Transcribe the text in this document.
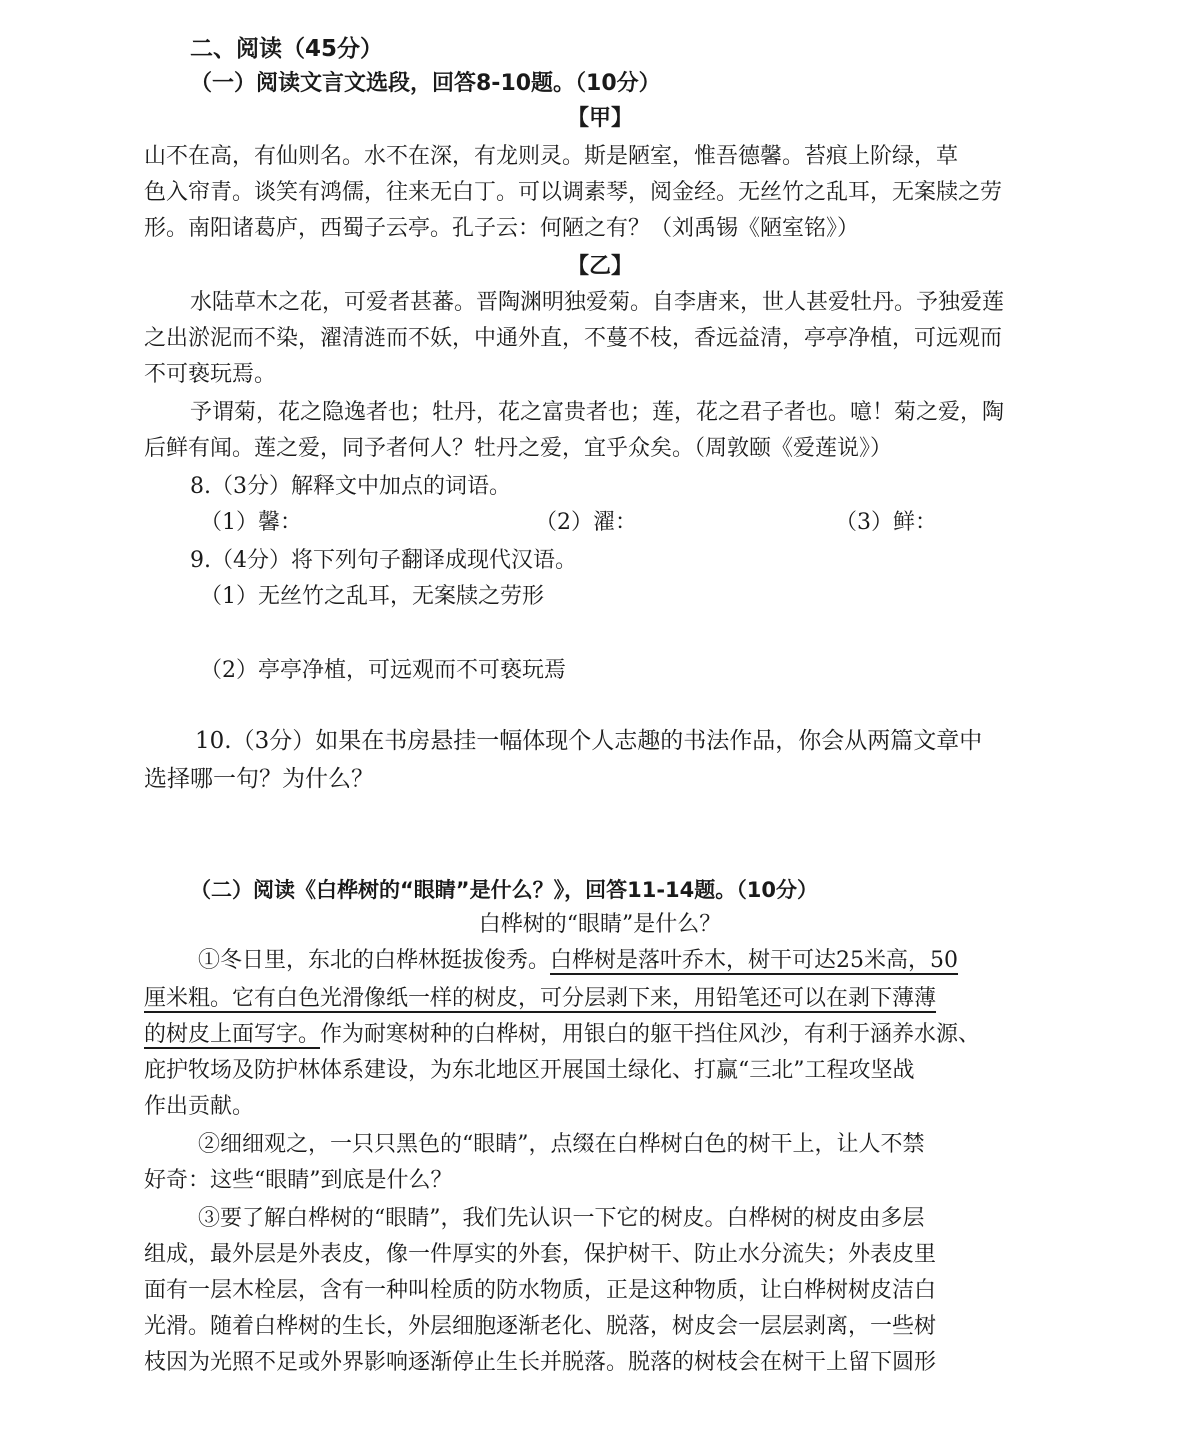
二、阅读（45分）
（一）阅读文言文选段，回答8-10题。（10分）
【甲】
山不在高，有仙则名。水不在深，有龙则灵。斯是陋室，惟吾德馨。苔痕上阶绿，草
色入帘青。谈笑有鸿儒，往来无白丁。可以调素琴，阅金经。无丝竹之乱耳，无案牍之劳
形。南阳诸葛庐，西蜀子云亭。孔子云：何陋之有？（刘禹锡《陋室铭》）
【乙】
水陆草木之花，可爱者甚蕃。晋陶渊明独爱菊。自李唐来，世人甚爱牡丹。予独爱莲
之出淤泥而不染，濯清涟而不妖，中通外直，不蔓不枝，香远益清，亭亭净植，可远观而
不可亵玩焉。
予谓菊，花之隐逸者也；牡丹，花之富贵者也；莲，花之君子者也。噫！菊之爱，陶
后鲜有闻。莲之爱，同予者何人？牡丹之爱，宜乎众矣。（周敦颐《爱莲说》）
8.（3分）解释文中加点的词语。
（1）馨：	（2）濯：	（3）鲜：
9.（4分）将下列句子翻译成现代汉语。
（1）无丝竹之乱耳，无案牍之劳形
（2）亭亭净植，可远观而不可亵玩焉
10.（3分）如果在书房悬挂一幅体现个人志趣的书法作品，你会从两篇文章中
选择哪一句？为什么？
（二）阅读《白桦树的“眼睛”是什么？》，回答11-14题。（10分）
白桦树的“眼睛”是什么？
①冬日里，东北的白桦林挺拔俊秀。白桦树是落叶乔木，树干可达25米高，50
厘米粗。它有白色光滑像纸一样的树皮，可分层剥下来，用铅笔还可以在剥下薄薄
的树皮上面写字。作为耐寒树种的白桦树，用银白的躯干挡住风沙，有利于涵养水源、
庇护牧场及防护林体系建设，为东北地区开展国土绿化、打赢“三北”工程攻坚战
作出贡献。
②细细观之，一只只黑色的“眼睛”，点缀在白桦树白色的树干上，让人不禁
好奇：这些“眼睛”到底是什么？
③要了解白桦树的“眼睛”，我们先认识一下它的树皮。白桦树的树皮由多层
组成，最外层是外表皮，像一件厚实的外套，保护树干、防止水分流失；外表皮里
面有一层木栓层，含有一种叫栓质的防水物质，正是这种物质，让白桦树树皮洁白
光滑。随着白桦树的生长，外层细胞逐渐老化、脱落，树皮会一层层剥离，一些树
枝因为光照不足或外界影响逐渐停止生长并脱落。脱落的树枝会在树干上留下圆形
